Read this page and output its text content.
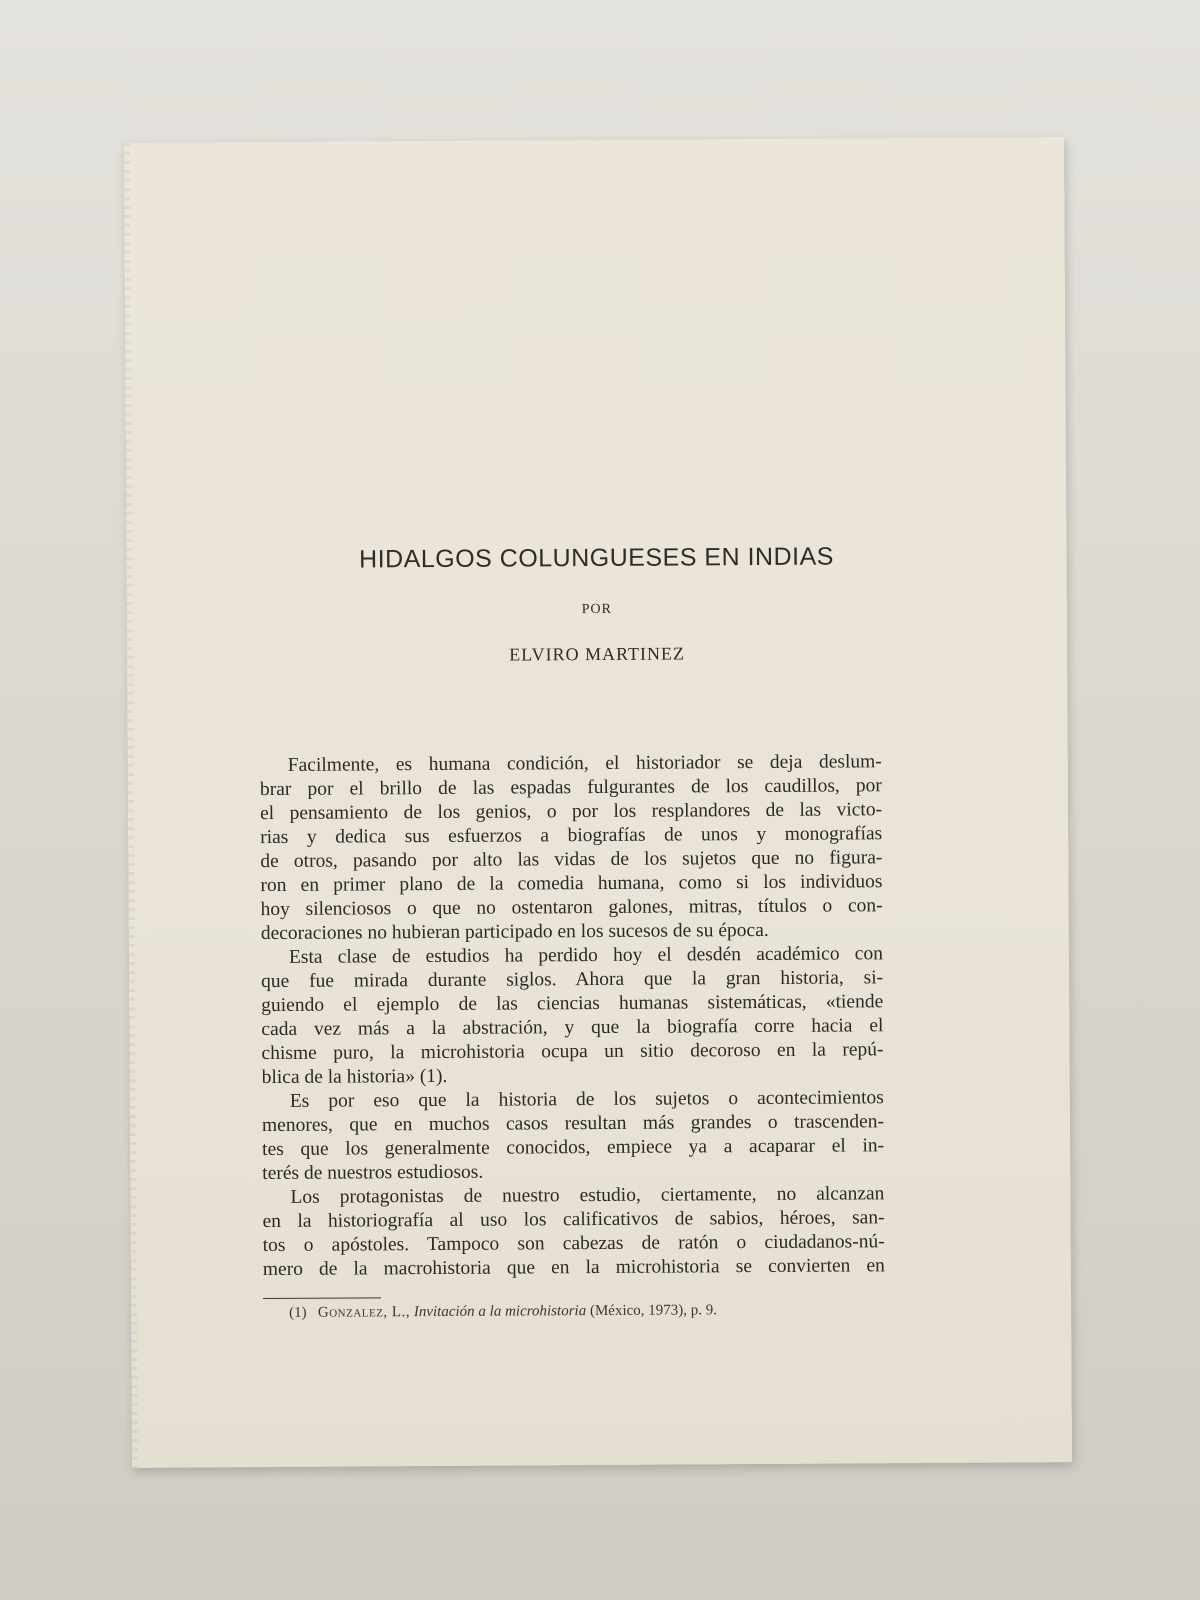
HIDALGOS COLUNGUESES EN INDIAS
POR
ELVIRO MARTINEZ
Facilmente, es humana condición, el historiador se deja deslum-
brar por el brillo de las espadas fulgurantes de los caudillos, por
el pensamiento de los genios, o por los resplandores de las victo-
rias y dedica sus esfuerzos a biografías de unos y monografías
de otros, pasando por alto las vidas de los sujetos que no figura-
ron en primer plano de la comedia humana, como si los individuos
hoy silenciosos o que no ostentaron galones, mitras, títulos o con-
decoraciones no hubieran participado en los sucesos de su época.
Esta clase de estudios ha perdido hoy el desdén académico con
que fue mirada durante siglos. Ahora que la gran historia, si-
guiendo el ejemplo de las ciencias humanas sistemáticas, «tiende
cada vez más a la abstración, y que la biografía corre hacia el
chisme puro, la microhistoria ocupa un sitio decoroso en la repú-
blica de la historia» (1).
Es por eso que la historia de los sujetos o acontecimientos
menores, que en muchos casos resultan más grandes o trascenden-
tes que los generalmente conocidos, empiece ya a acaparar el in-
terés de nuestros estudiosos.
Los protagonistas de nuestro estudio, ciertamente, no alcanzan
en la historiografía al uso los calificativos de sabios, héroes, san-
tos o apóstoles. Tampoco son cabezas de ratón o ciudadanos-nú-
mero de la macrohistoria que en la microhistoria se convierten en
(1) Gonzalez, L., Invitación a la microhistoria (México, 1973), p. 9.
